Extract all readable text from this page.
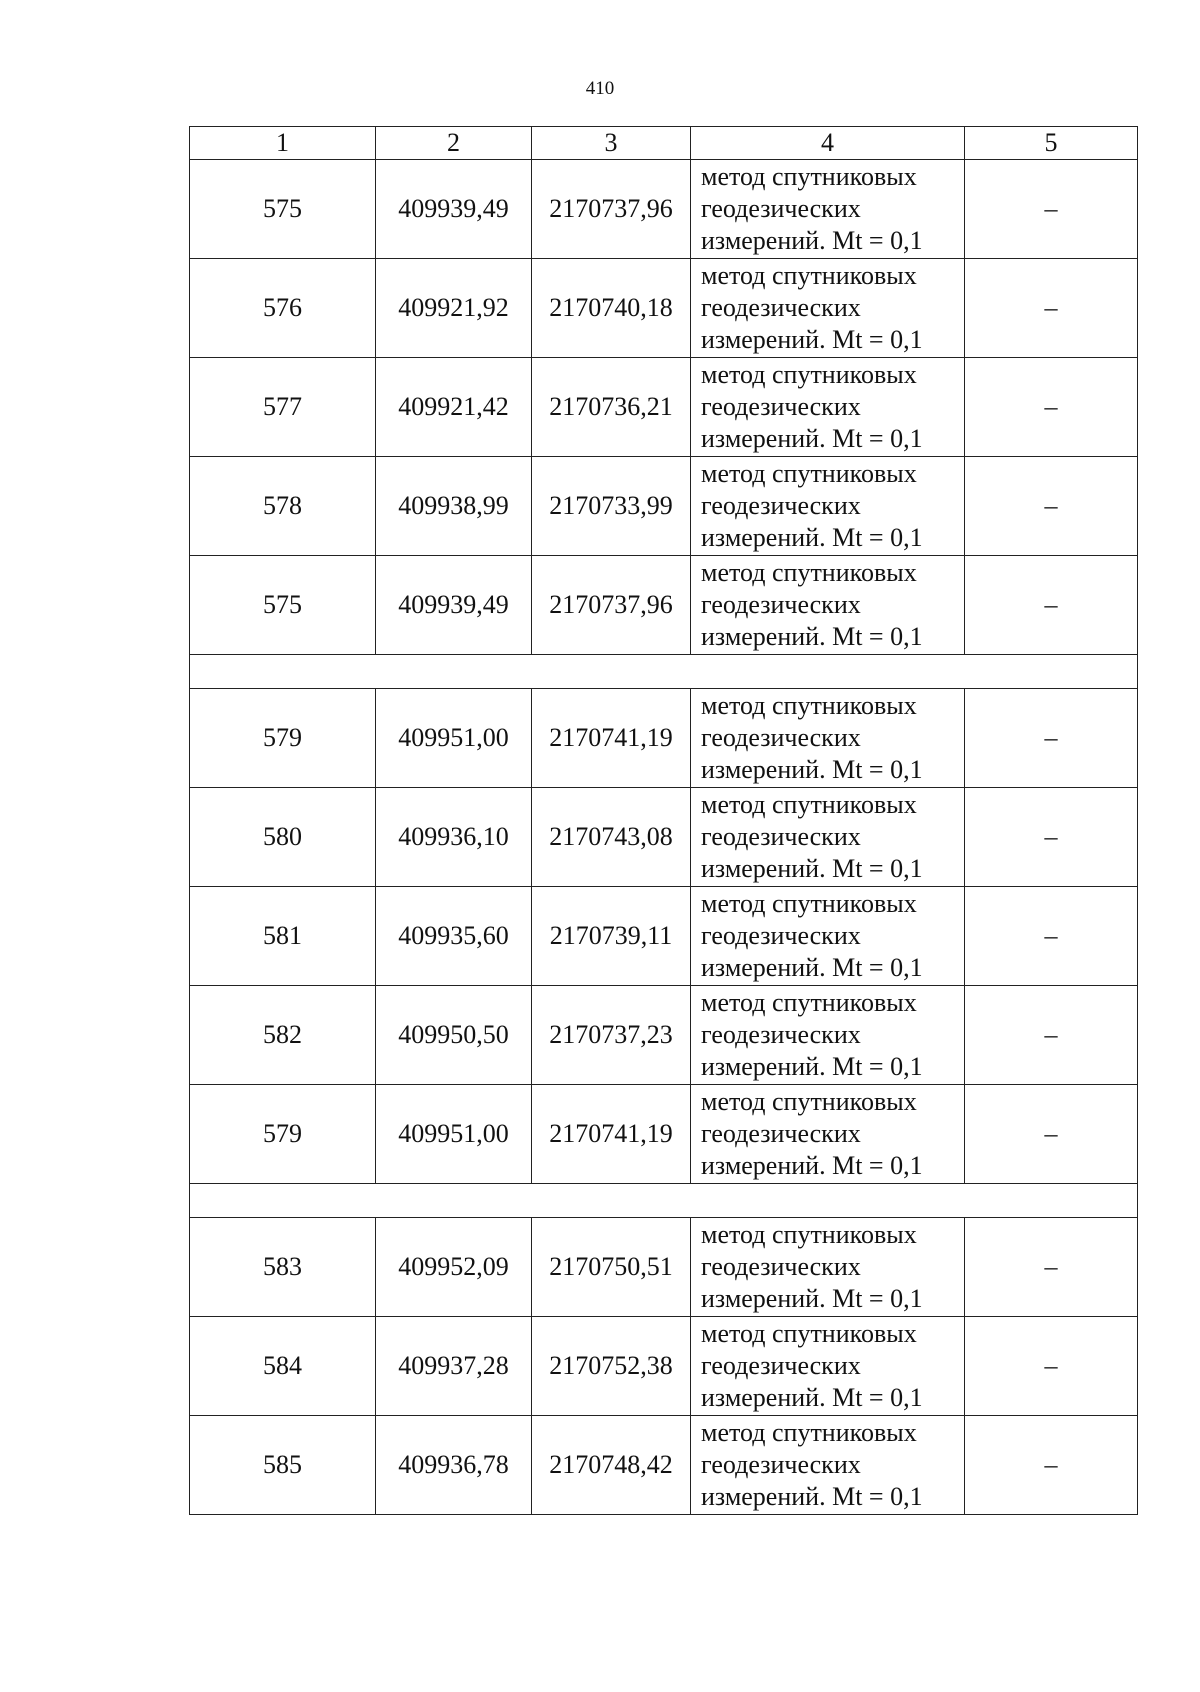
410
1	2	3	4	5
575	409939,49	2170737,96	метод спутниковых
геодезических
измерений. Mt = 0,1	–
576	409921,92	2170740,18	метод спутниковых
геодезических
измерений. Mt = 0,1	–
577	409921,42	2170736,21	метод спутниковых
геодезических
измерений. Mt = 0,1	–
578	409938,99	2170733,99	метод спутниковых
геодезических
измерений. Mt = 0,1	–
575	409939,49	2170737,96	метод спутниковых
геодезических
измерений. Mt = 0,1	–

579	409951,00	2170741,19	метод спутниковых
геодезических
измерений. Mt = 0,1	–
580	409936,10	2170743,08	метод спутниковых
геодезических
измерений. Mt = 0,1	–
581	409935,60	2170739,11	метод спутниковых
геодезических
измерений. Mt = 0,1	–
582	409950,50	2170737,23	метод спутниковых
геодезических
измерений. Mt = 0,1	–
579	409951,00	2170741,19	метод спутниковых
геодезических
измерений. Mt = 0,1	–

583	409952,09	2170750,51	метод спутниковых
геодезических
измерений. Mt = 0,1	–
584	409937,28	2170752,38	метод спутниковых
геодезических
измерений. Mt = 0,1	–
585	409936,78	2170748,42	метод спутниковых
геодезических
измерений. Mt = 0,1	–
